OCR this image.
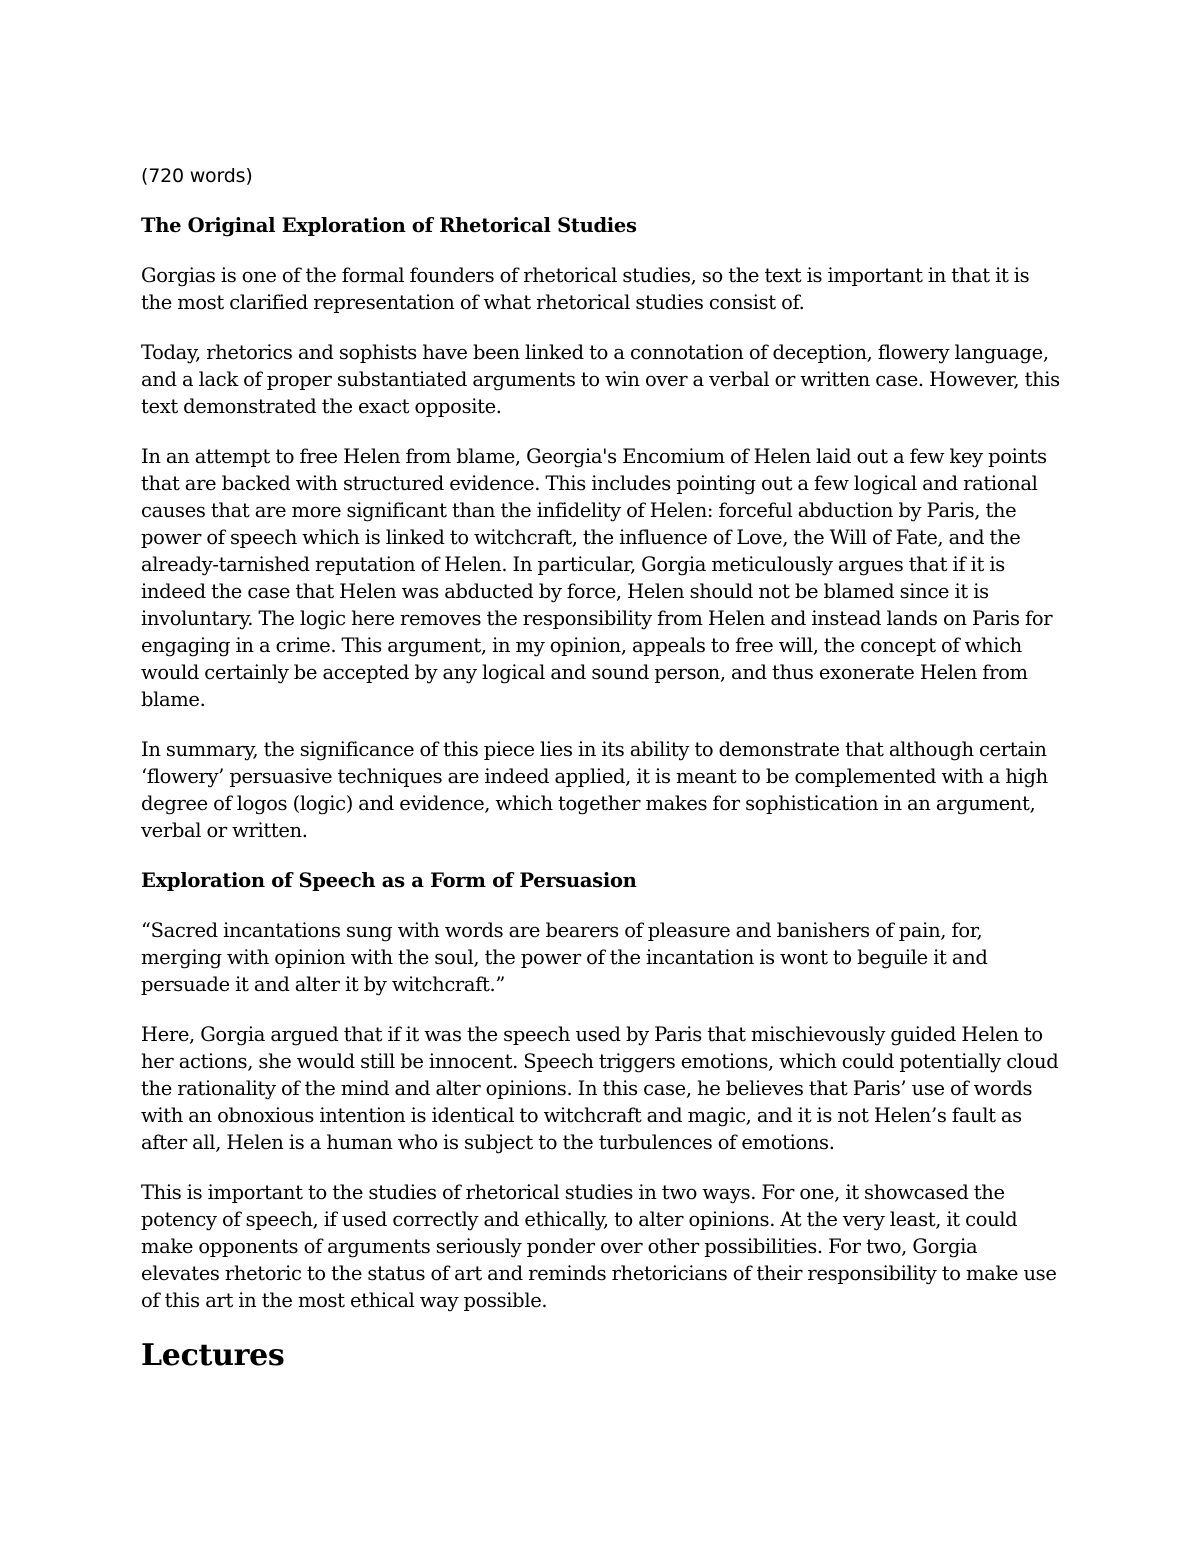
(720 words)
The Original Exploration of Rhetorical Studies

Gorgias is one of the formal founders of rhetorical studies, so the text is important in that it is the most clarified representation of what rhetorical studies consist of.

Today, rhetorics and sophists have been linked to a connotation of deception, flowery language, and a lack of proper substantiated arguments to win over a verbal or written case. However, this text demonstrated the exact opposite.

In an attempt to free Helen from blame, Georgia's Encomium of Helen laid out a few key points that are backed with structured evidence. This includes pointing out a few logical and rational causes that are more significant than the infidelity of Helen: forceful abduction by Paris, the power of speech which is linked to witchcraft, the influence of Love, the Will of Fate, and the already-tarnished reputation of Helen. In particular, Gorgia meticulously argues that if it is indeed the case that Helen was abducted by force, Helen should not be blamed since it is involuntary. The logic here removes the responsibility from Helen and instead lands on Paris for engaging in a crime. This argument, in my opinion, appeals to free will, the concept of which would certainly be accepted by any logical and sound person, and thus exonerate Helen from blame.

In summary, the significance of this piece lies in its ability to demonstrate that although certain ‘flowery’ persuasive techniques are indeed applied, it is meant to be complemented with a high degree of logos (logic) and evidence, which together makes for sophistication in an argument, verbal or written.

Exploration of Speech as a Form of Persuasion

“Sacred incantations sung with words are bearers of pleasure and banishers of pain, for, merging with opinion with the soul, the power of the incantation is wont to beguile it and persuade it and alter it by witchcraft.”

Here, Gorgia argued that if it was the speech used by Paris that mischievously guided Helen to her actions, she would still be innocent. Speech triggers emotions, which could potentially cloud the rationality of the mind and alter opinions. In this case, he believes that Paris’ use of words with an obnoxious intention is identical to witchcraft and magic, and it is not Helen’s fault as after all, Helen is a human who is subject to the turbulences of emotions.

This is important to the studies of rhetorical studies in two ways. For one, it showcased the potency of speech, if used correctly and ethically, to alter opinions. At the very least, it could make opponents of arguments seriously ponder over other possibilities. For two, Gorgia elevates rhetoric to the status of art and reminds rhetoricians of their responsibility to make use of this art in the most ethical way possible.

Lectures
